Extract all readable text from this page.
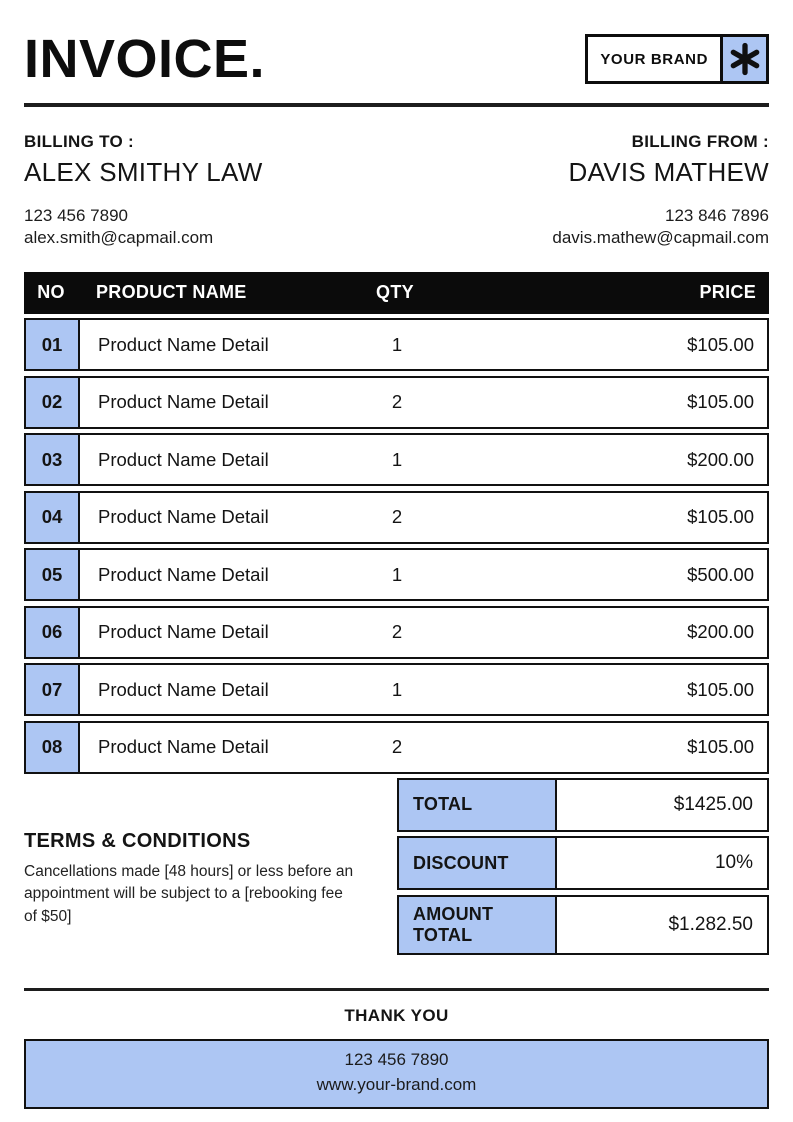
INVOICE.	YOUR BRAND
BILLING TO :
ALEX SMITHY LAW
123 456 7890
alex.smith@capmail.com
BILLING FROM :
DAVIS MATHEW
123 846 7896
davis.mathew@capmail.com
NO	PRODUCT NAME	QTY	PRICE
01	Product Name Detail	1	$105.00
02	Product Name Detail	2	$105.00
03	Product Name Detail	1	$200.00
04	Product Name Detail	2	$105.00
05	Product Name Detail	1	$500.00
06	Product Name Detail	2	$200.00
07	Product Name Detail	1	$105.00
08	Product Name Detail	2	$105.00
TERMS & CONDITIONS
Cancellations made [48 hours] or less before an appointment will be subject to a [rebooking fee of $50]
TOTAL	$1425.00
DISCOUNT	10%
AMOUNT TOTAL	$1.282.50
THANK YOU
123 456 7890
www.your-brand.com
